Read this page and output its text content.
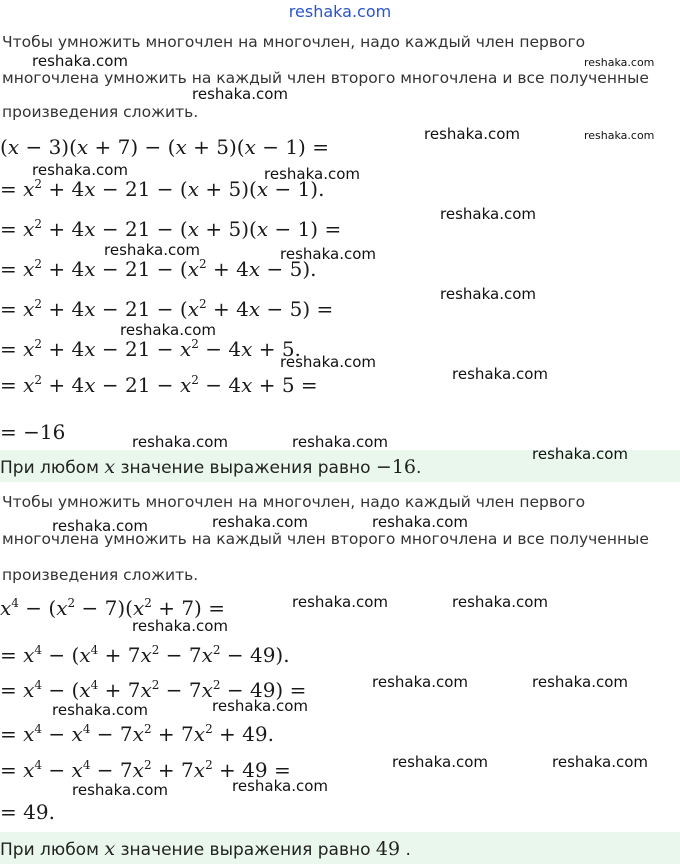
reshaka.com
Чтобы умножить многочлен на многочлен, надо каждый член первого
многочлена умножить на каждый член второго многочлена и все полученные
произведения сложить.
(x − 3)(x + 7) − (x + 5)(x − 1) =
= $x^2 + 4x - 21 - (x + 5)(x - 1)$.
= $x^2 + 4x - 21 - (x + 5)(x - 1)$ =
= $x^2 + 4x - 21 - (x^2 + 4x - 5)$.
= $x^2 + 4x - 21 - (x^2 + 4x - 5)$ =
= $x^2 + 4x - 21 - x^2 - 4x + 5$.
= $x^2 + 4x - 21 - x^2 - 4x + 5$ =
= −16
При любом x значение выражения равно −16.
Чтобы умножить многочлен на многочлен, надо каждый член первого
многочлена умножить на каждый член второго многочлена и все полученные
произведения сложить.
$x^4 - (x^2 - 7)(x^2 + 7)$ =
= $x^4 - (x^4 + 7x^2 - 7x^2 - 49)$.
= $x^4 - (x^4 + 7x^2 - 7x^2 - 49)$ =
= $x^4 - x^4 - 7x^2 + 7x^2 + 49$.
= $x^4 - x^4 - 7x^2 + 7x^2 + 49$ =
= 49.
При любом x значение выражения равно 49 .
reshaka.com
reshaka.com
reshaka.com
reshaka.com	reshaka.com
reshaka.com	reshaka.com
reshaka.com
reshaka.com	reshaka.com
reshaka.com
reshaka.com
reshaka.com
reshaka.com
reshaka.com	reshaka.com
reshaka.com
reshaka.com	reshaka.com	reshaka.com
reshaka.com	reshaka.com
reshaka.com
reshaka.com	reshaka.com
reshaka.com	reshaka.com
reshaka.com	reshaka.com
reshaka.com	reshaka.com
